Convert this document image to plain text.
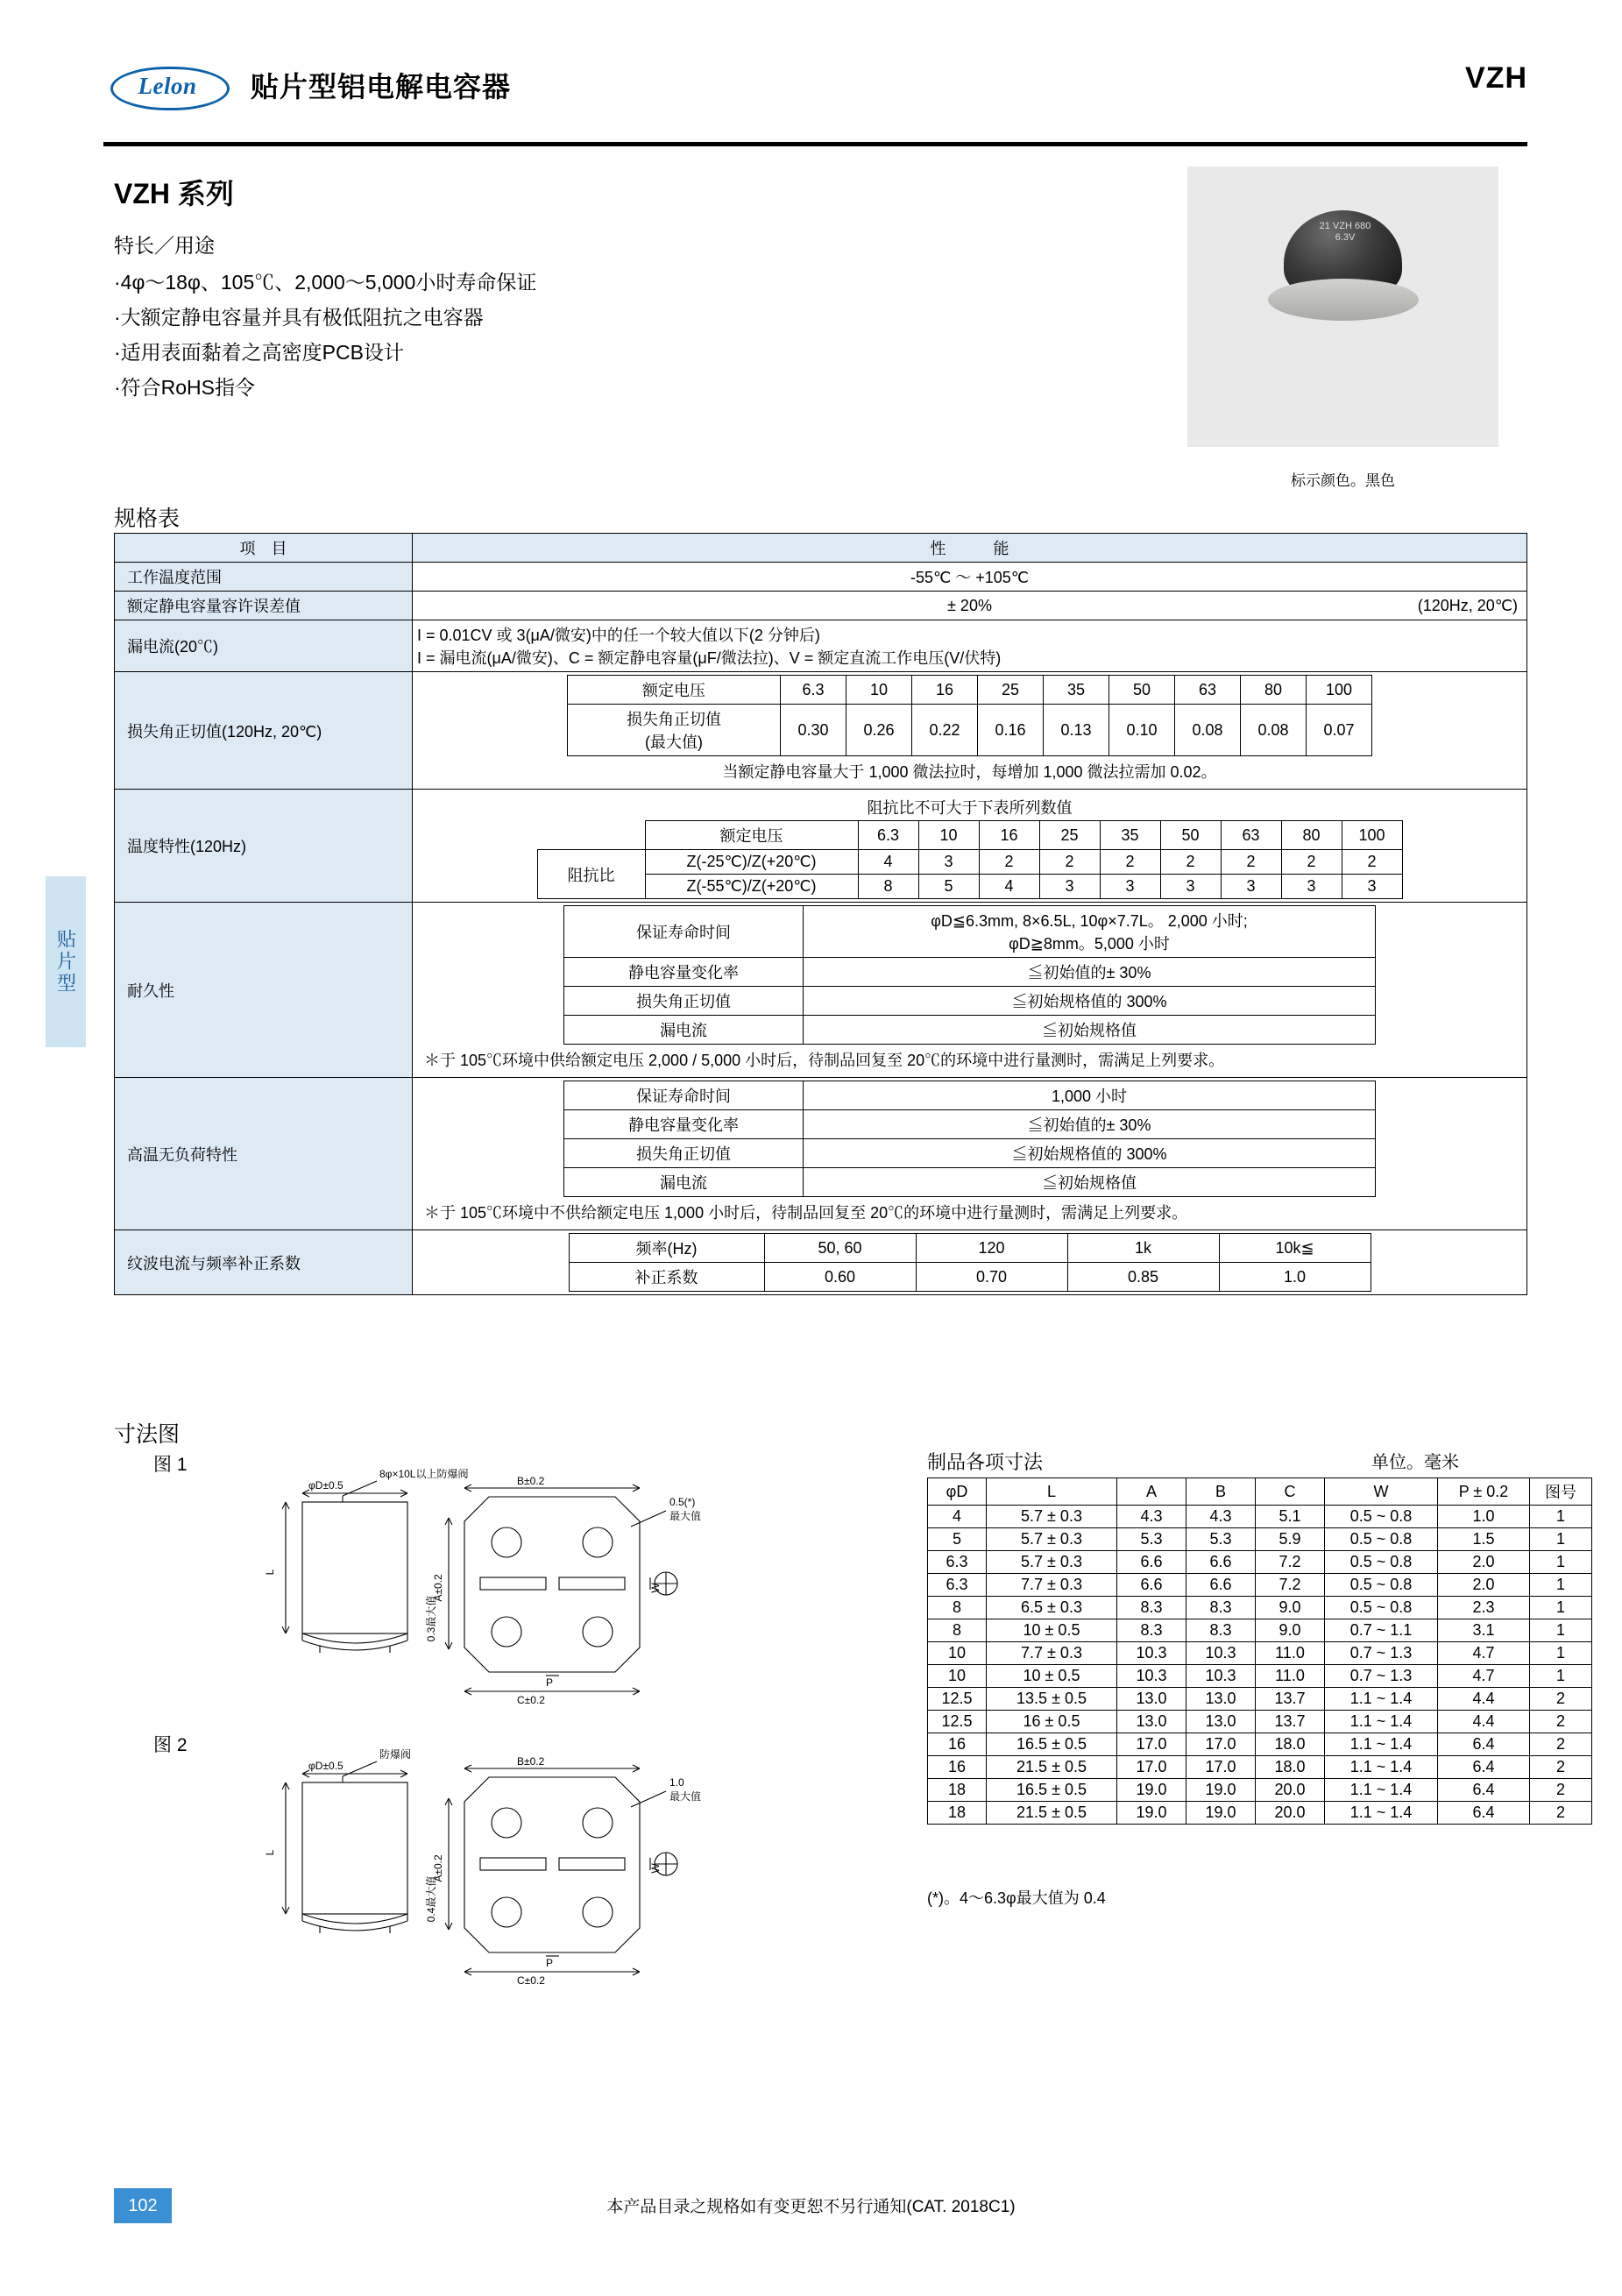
Lelon	贴片型铝电解电容器	VZH
VZH 系列
特长／用途
·4φ～18φ、105℃、2,000～5,000小时寿命保证
·大额定静电容量并具有极低阻抗之电容器
·适用表面黏着之高密度PCB设计
·符合RoHS指令
21 VZH 680 6.3V
标示颜色。黑色
规格表
项　目	性　　　能
工作温度范围	-55℃ ～ +105℃
额定静电容量容许误差值	± 20%	(120Hz, 20℃)

漏电流(20℃)	
I = 0.01CV 或 3(μA/微安)中的任一个较大值以下(2 分钟后)
I = 漏电流(μA/微安)、C = 额定静电容量(μF/微法拉)、V = 额定直流工作电压(V/伏特)

损失角正切值(120Hz, 20℃)	
额定电压	6.3	10	16	25	35	50	63	80	100

损失角正切值
(最大值)
	0.30	0.26	0.22	0.16	0.13	0.10	0.08	0.08	0.07
当额定静电容量大于 1,000 微法拉时，每增加 1,000 微法拉需加 0.02。

温度特性(120Hz)	
阻抗比不可大于下表所列数值
	额定电压	6.3	10	16	25	35	50	63	80	100
阻抗比	Z(-25℃)/Z(+20℃)	4	3	2	2	2	2	2	2	2
Z(-55℃)/Z(+20℃)	8	5	4	3	3	3	3	3	3

耐久性	
保证寿命时间	
φD≦6.3mm, 8×6.5L, 10φ×7.7L。 2,000 小时;
φD≧8mm。5,000 小时

静电容量变化率	≦初始值的± 30%
损失角正切值	≦初始规格值的 300%
漏电流	≦初始规格值
＊于 105℃环境中供给额定电压 2,000 / 5,000 小时后，待制品回复至 20℃的环境中进行量测时，需满足上列要求。

高温无负荷特性	
保证寿命时间	1,000 小时
静电容量变化率	≦初始值的± 30%
损失角正切值	≦初始规格值的 300%
漏电流	≦初始规格值
＊于 105℃环境中不供给额定电压 1,000 小时后，待制品回复至 20℃的环境中进行量测时，需满足上列要求。

纹波电流与频率补正系数	
频率(Hz)	50, 60	120	1k	10k≦
补正系数	0.60	0.70	0.85	1.0
寸法图
图 1
图 2
φD±0.5
8φ×10L以上防爆阀
L
B±0.2
C±0.2
P
A±0.2	W
0.3最大值
0.5(*)
最大值
φD±0.5
防爆阀
L
B±0.2
C±0.2
P
A±0.2	W
0.4最大值
1.0
最大值
制品各项寸法	单位。毫米
φD	L	A	B	C	W	P ± 0.2	图号
4	5.7 ± 0.3	4.3	4.3	5.1	0.5 ~ 0.8	1.0	1
5	5.7 ± 0.3	5.3	5.3	5.9	0.5 ~ 0.8	1.5	1
6.3	5.7 ± 0.3	6.6	6.6	7.2	0.5 ~ 0.8	2.0	1
6.3	7.7 ± 0.3	6.6	6.6	7.2	0.5 ~ 0.8	2.0	1
8	6.5 ± 0.3	8.3	8.3	9.0	0.5 ~ 0.8	2.3	1
8	10 ± 0.5	8.3	8.3	9.0	0.7 ~ 1.1	3.1	1
10	7.7 ± 0.3	10.3	10.3	11.0	0.7 ~ 1.3	4.7	1
10	10 ± 0.5	10.3	10.3	11.0	0.7 ~ 1.3	4.7	1
12.5	13.5 ± 0.5	13.0	13.0	13.7	1.1 ~ 1.4	4.4	2
12.5	16 ± 0.5	13.0	13.0	13.7	1.1 ~ 1.4	4.4	2
16	16.5 ± 0.5	17.0	17.0	18.0	1.1 ~ 1.4	6.4	2
16	21.5 ± 0.5	17.0	17.0	18.0	1.1 ~ 1.4	6.4	2
18	16.5 ± 0.5	19.0	19.0	20.0	1.1 ~ 1.4	6.4	2
18	21.5 ± 0.5	19.0	19.0	20.0	1.1 ~ 1.4	6.4	2
(*)。4～6.3φ最大值为 0.4
贴片型
102	本产品目录之规格如有变更恕不另行通知(CAT. 2018C1)
